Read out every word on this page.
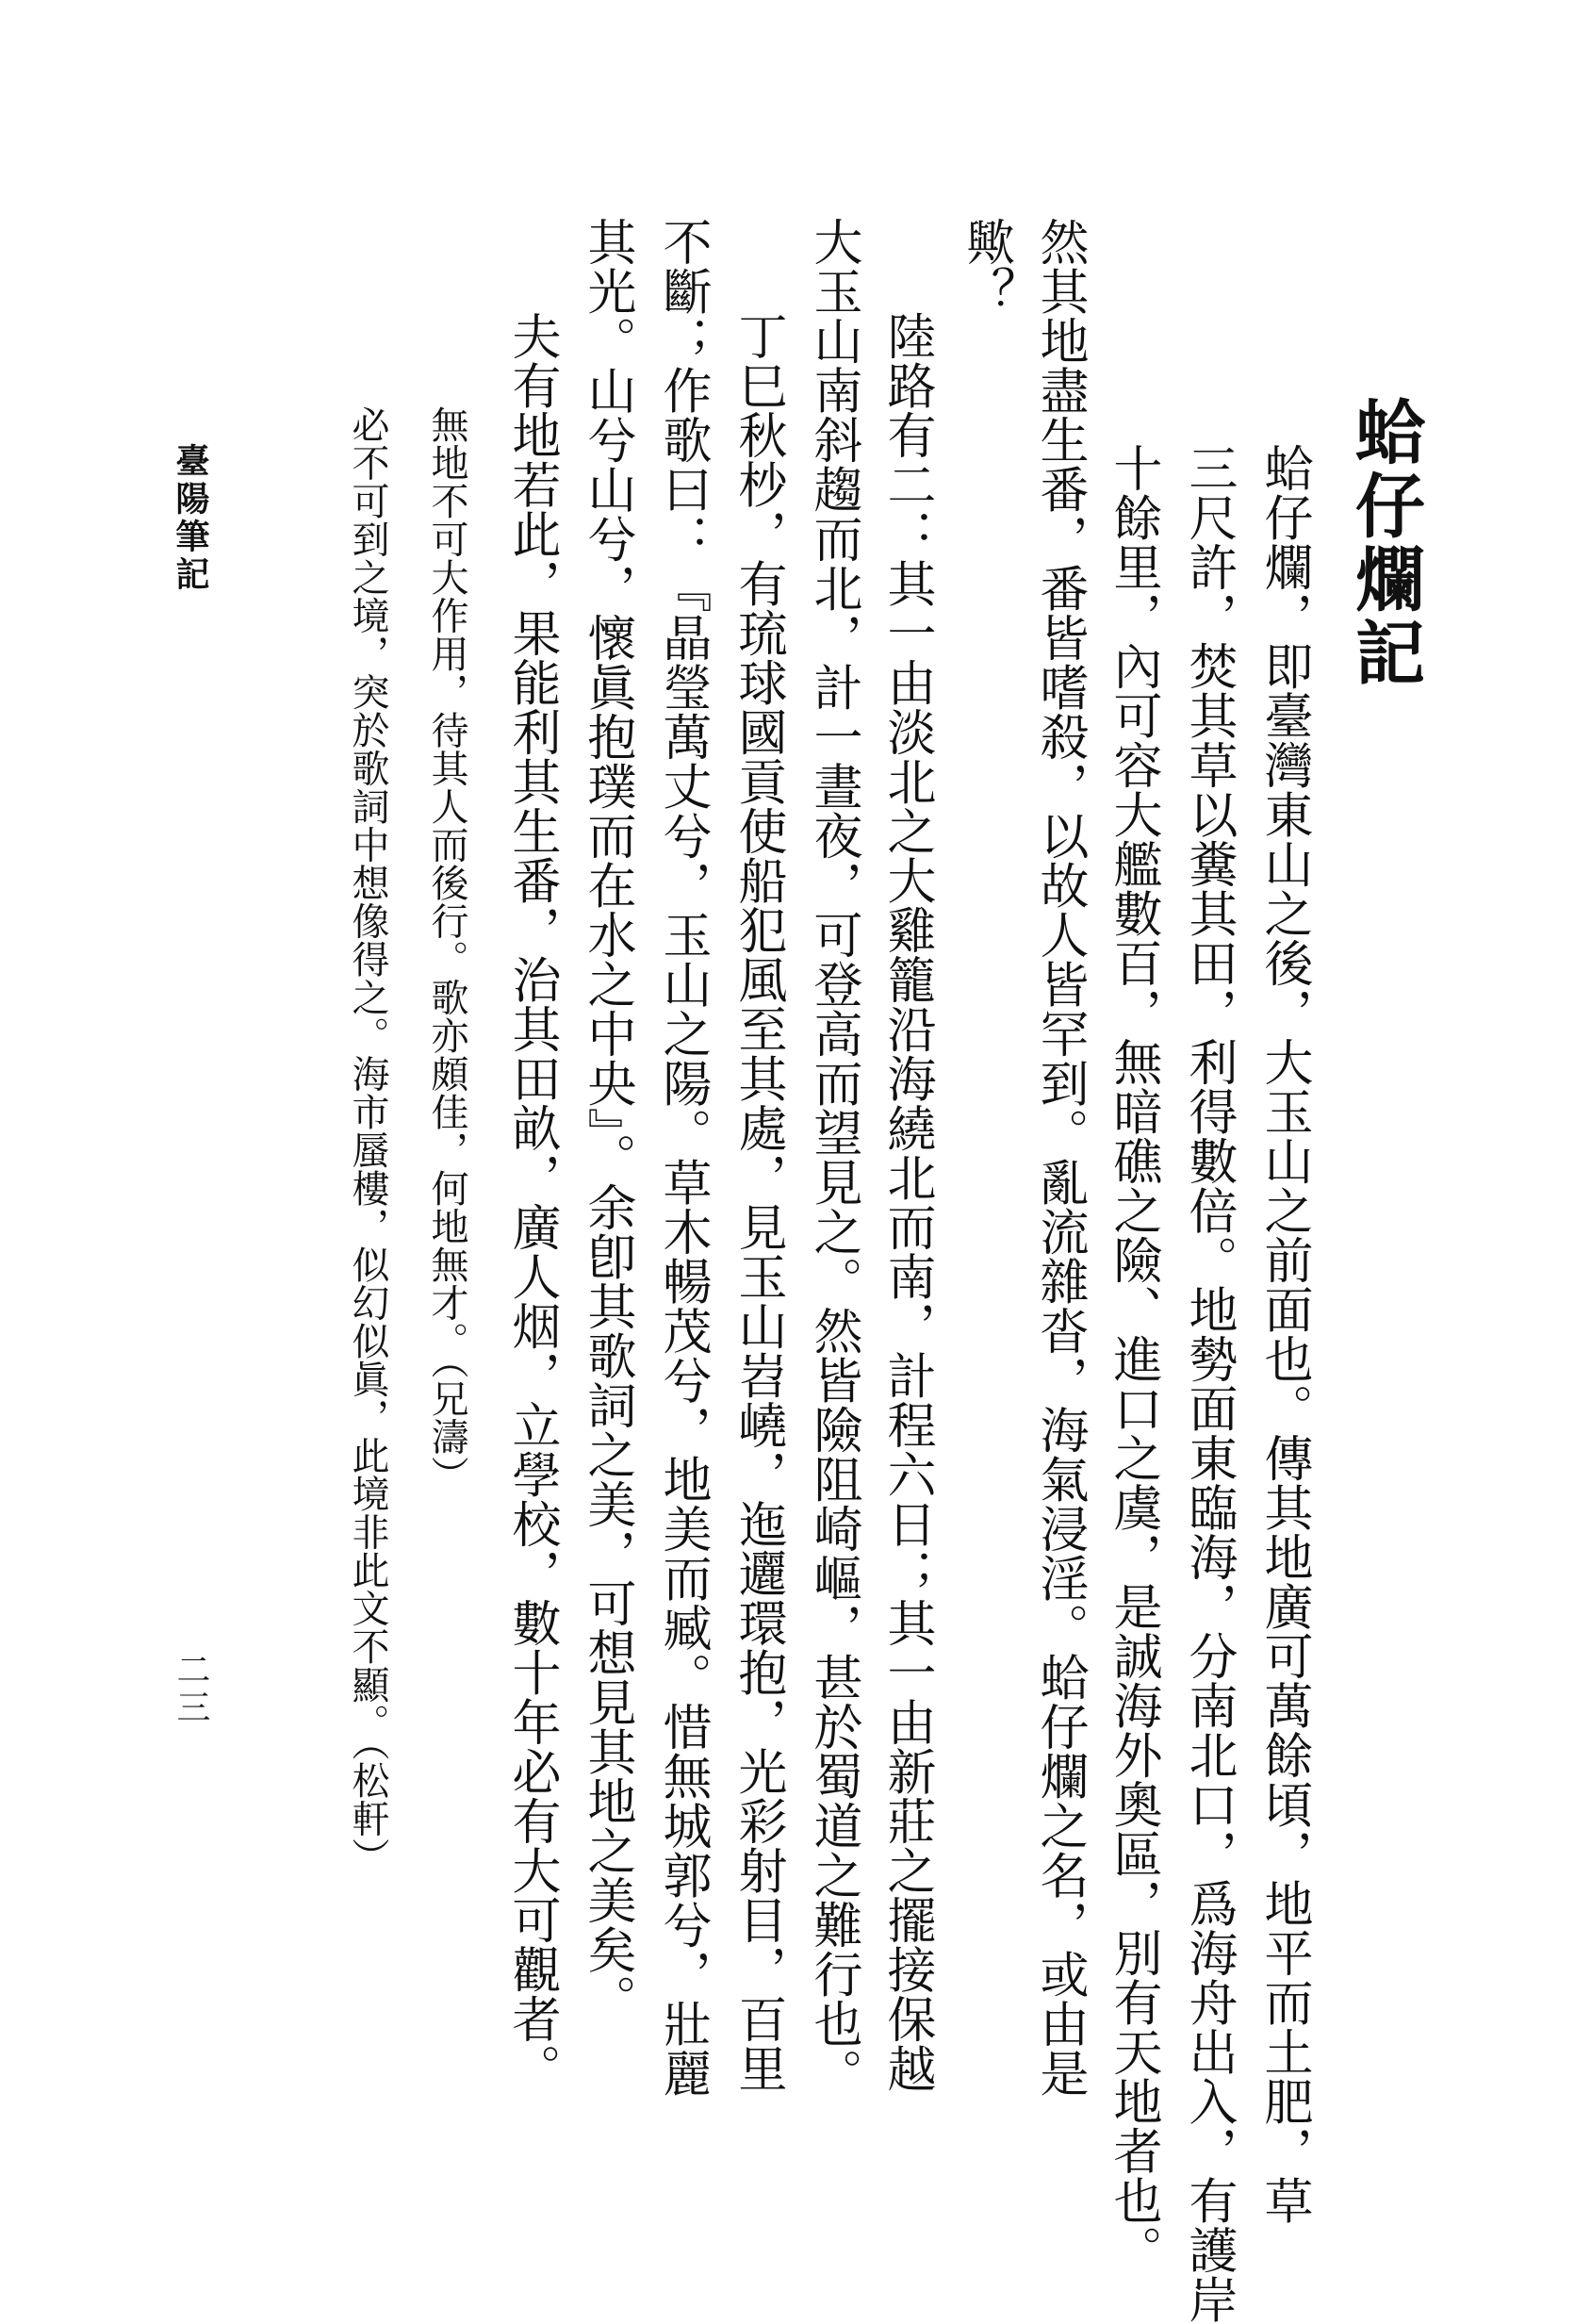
蛤仔爛記
蛤仔爛，即臺灣東山之後，大玉山之前面也。傳其地廣可萬餘頃，地平而土肥，草
三尺許，焚其草以糞其田，利得數倍。地勢面東臨海，分南北口，爲海舟出入，有護岸
十餘里，內可容大艦數百，無暗礁之險、進口之虞，是誠海外奧區，別有天地者也。
然其地盡生番，番皆嗜殺，以故人皆罕到。亂流雜沓，海氣浸淫。蛤仔爛之名，或由是
歟？
陸路有二：其一由淡北之大雞籠沿海繞北而南，計程六日；其一由新莊之擺接保越
大玉山南斜趨而北，計一晝夜，可登高而望見之。然皆險阻崎嶇，甚於蜀道之難行也。
丁巳秋杪，有琉球國貢使船犯風至其處，見玉山岧嶢，迤邐環抱，光彩射目，百里
不斷；作歌曰：『晶瑩萬丈兮，玉山之陽。草木暢茂兮，地美而臧。惜無城郭兮，壯麗
其光。山兮山兮，懷眞抱璞而在水之中央』。余卽其歌詞之美，可想見其地之美矣。
夫有地若此，果能利其生番，治其田畝，廣人烟，立學校，數十年必有大可觀者。
無地不可大作用，待其人而後行。歌亦頗佳，何地無才。（兄濤）
必不可到之境，突於歌詞中想像得之。海市蜃樓，似幻似眞，此境非此文不顯。（松軒）
臺陽筆記
二三
